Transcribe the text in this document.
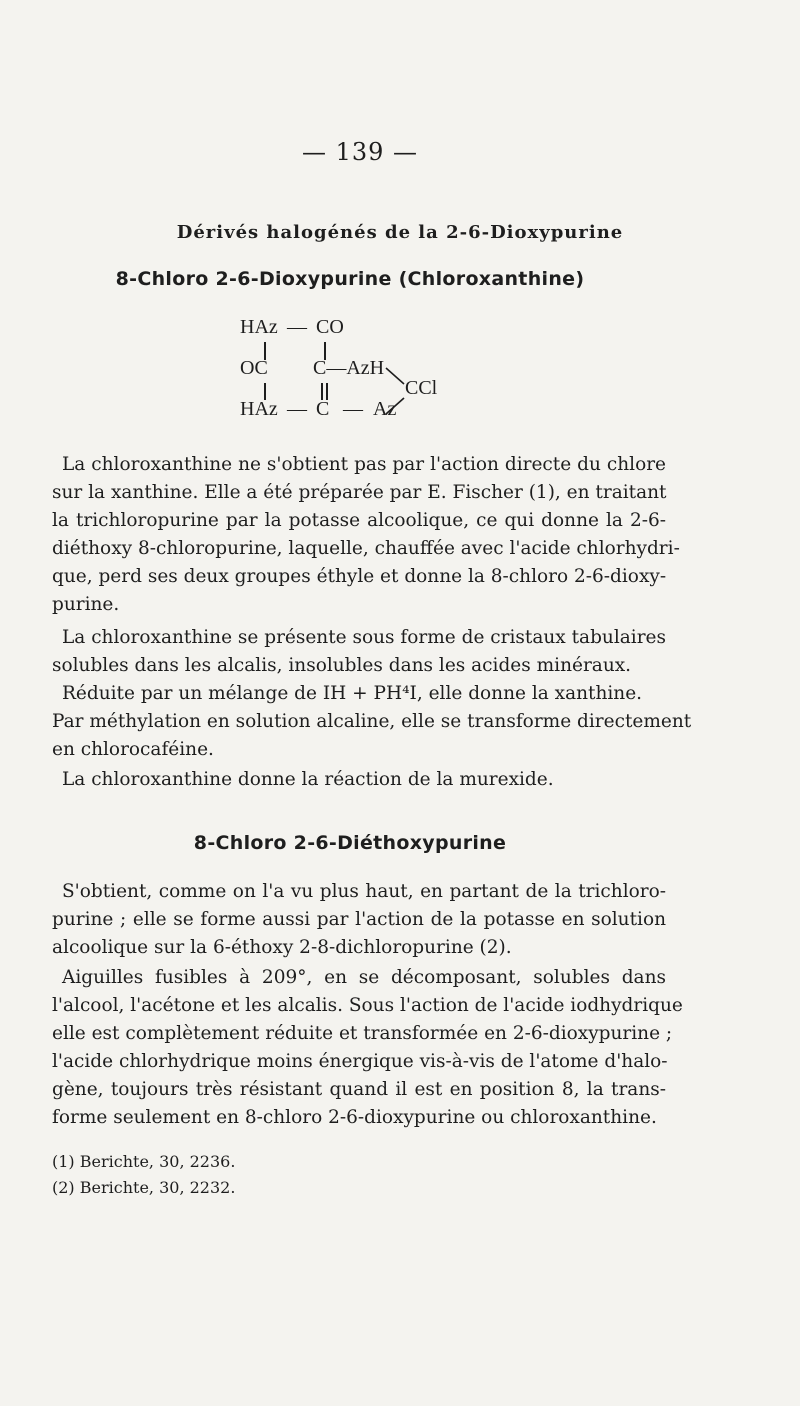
— 139 —
Dérivés halogénés de la 2-6-Dioxypurine
8-Chloro 2-6-Dioxypurine (Chloroxanthine)
HAz — CO
OC C—AzH
CCl
HAz — C — Az
La chloroxanthine ne s'obtient pas par l'action directe du chlore
sur la xanthine. Elle a été préparée par E. Fischer (1), en traitant
la trichloropurine par la potasse alcoolique, ce qui donne la 2-6-
diéthoxy 8-chloropurine, laquelle, chauffée avec l'acide chlorhydri-
que, perd ses deux groupes éthyle et donne la 8-chloro 2-6-dioxy-
purine.
La chloroxanthine se présente sous forme de cristaux tabulaires
solubles dans les alcalis, insolubles dans les acides minéraux.
Réduite par un mélange de IH + PH⁴I, elle donne la xanthine.
Par méthylation en solution alcaline, elle se transforme directement
en chlorocaféine.
La chloroxanthine donne la réaction de la murexide.
8-Chloro 2-6-Diéthoxypurine
S'obtient, comme on l'a vu plus haut, en partant de la trichloro-
purine ; elle se forme aussi par l'action de la potasse en solution
alcoolique sur la 6-éthoxy 2-8-dichloropurine (2).
Aiguilles fusibles à 209°, en se décomposant, solubles dans
l'alcool, l'acétone et les alcalis. Sous l'action de l'acide iodhydrique
elle est complètement réduite et transformée en 2-6-dioxypurine ;
l'acide chlorhydrique moins énergique vis-à-vis de l'atome d'halo-
gène, toujours très résistant quand il est en position 8, la trans-
forme seulement en 8-chloro 2-6-dioxypurine ou chloroxanthine.
(1) Berichte, 30, 2236.
(2) Berichte, 30, 2232.
